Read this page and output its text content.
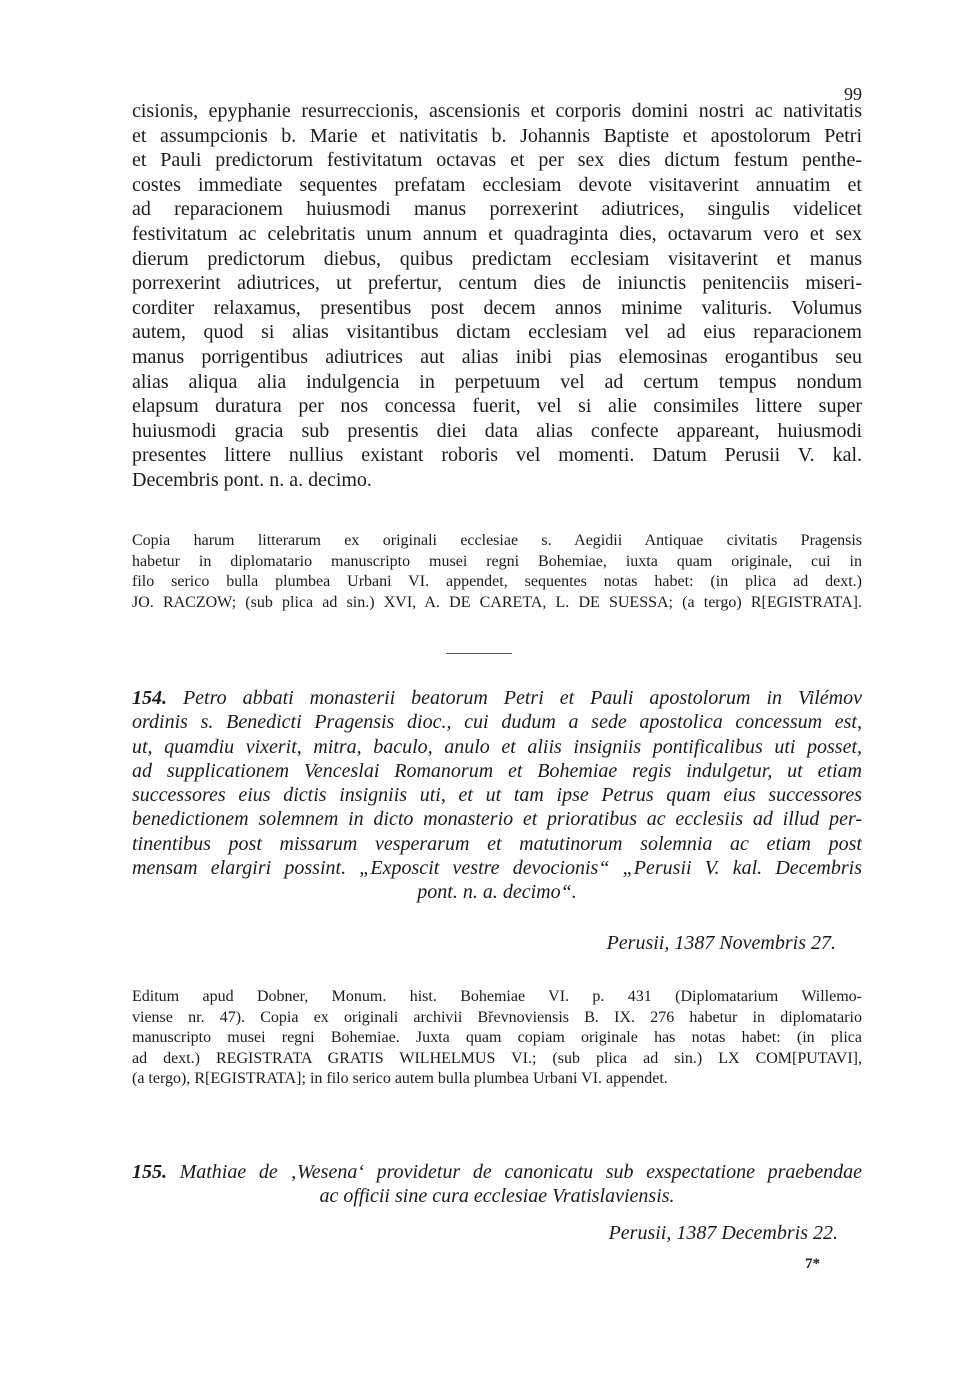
99
cisionis, epyphanie resurreccionis, ascensionis et corporis domini nostri ac nativitatis
et assumpcionis b. Marie et nativitatis b. Johannis Baptiste et apostolorum Petri
et Pauli predictorum festivitatum octavas et per sex dies dictum festum penthe-
costes immediate sequentes prefatam ecclesiam devote visitaverint annuatim et
ad reparacionem huiusmodi manus porrexerint adiutrices, singulis videlicet
festivitatum ac celebritatis unum annum et quadraginta dies, octavarum vero et sex
dierum predictorum diebus, quibus predictam ecclesiam visitaverint et manus
porrexerint adiutrices, ut prefertur, centum dies de iniunctis penitenciis miseri-
corditer relaxamus, presentibus post decem annos minime valituris. Volumus
autem, quod si alias visitantibus dictam ecclesiam vel ad eius reparacionem
manus porrigentibus adiutrices aut alias inibi pias elemosinas erogantibus seu
alias aliqua alia indulgencia in perpetuum vel ad certum tempus nondum
elapsum duratura per nos concessa fuerit, vel si alie consimiles littere super
huiusmodi gracia sub presentis diei data alias confecte appareant, huiusmodi
presentes littere nullius existant roboris vel momenti. Datum Perusii V. kal.
Decembris pont. n. a. decimo.
Copia harum litterarum ex originali ecclesiae s. Aegidii Antiquae civitatis Pragensis
habetur in diplomatario manuscripto musei regni Bohemiae, iuxta quam originale, cui in
filo serico bulla plumbea Urbani VI. appendet, sequentes notas habet: (in plica ad dext.)
JO. RACZOW; (sub plica ad sin.) XVI, A. DE CARETA, L. DE SUESSA; (a tergo) R[EGISTRATA].
154. Petro abbati monasterii beatorum Petri et Pauli apostolorum in Vilémov
ordinis s. Benedicti Pragensis dioc., cui dudum a sede apostolica concessum est,
ut, quamdiu vixerit, mitra, baculo, anulo et aliis insigniis pontificalibus uti posset,
ad supplicationem Venceslai Romanorum et Bohemiae regis indulgetur, ut etiam
successores eius dictis insigniis uti, et ut tam ipse Petrus quam eius successores
benedictionem solemnem in dicto monasterio et prioratibus ac ecclesiis ad illud per-
tinentibus post missarum vesperarum et matutinorum solemnia ac etiam post
mensam elargiri possint. „Exposcit vestre devocionis“ „Perusii V. kal. Decembris
pont. n. a. decimo“.
Perusii, 1387 Novembris 27.
Editum apud Dobner, Monum. hist. Bohemiae VI. p. 431 (Diplomatarium Willemo-
viense nr. 47). Copia ex originali archivii Břevnoviensis B. IX. 276 habetur in diplomatario
manuscripto musei regni Bohemiae. Juxta quam copiam originale has notas habet: (in plica
ad dext.) REGISTRATA GRATIS WILHELMUS VI.; (sub plica ad sin.) LX COM[PUTAVI],
(a tergo), R[EGISTRATA]; in filo serico autem bulla plumbea Urbani VI. appendet.
155. Mathiae de ‚Wesena‘ providetur de canonicatu sub exspectatione praebendae
ac officii sine cura ecclesiae Vratislaviensis.
Perusii, 1387 Decembris 22.
7*
